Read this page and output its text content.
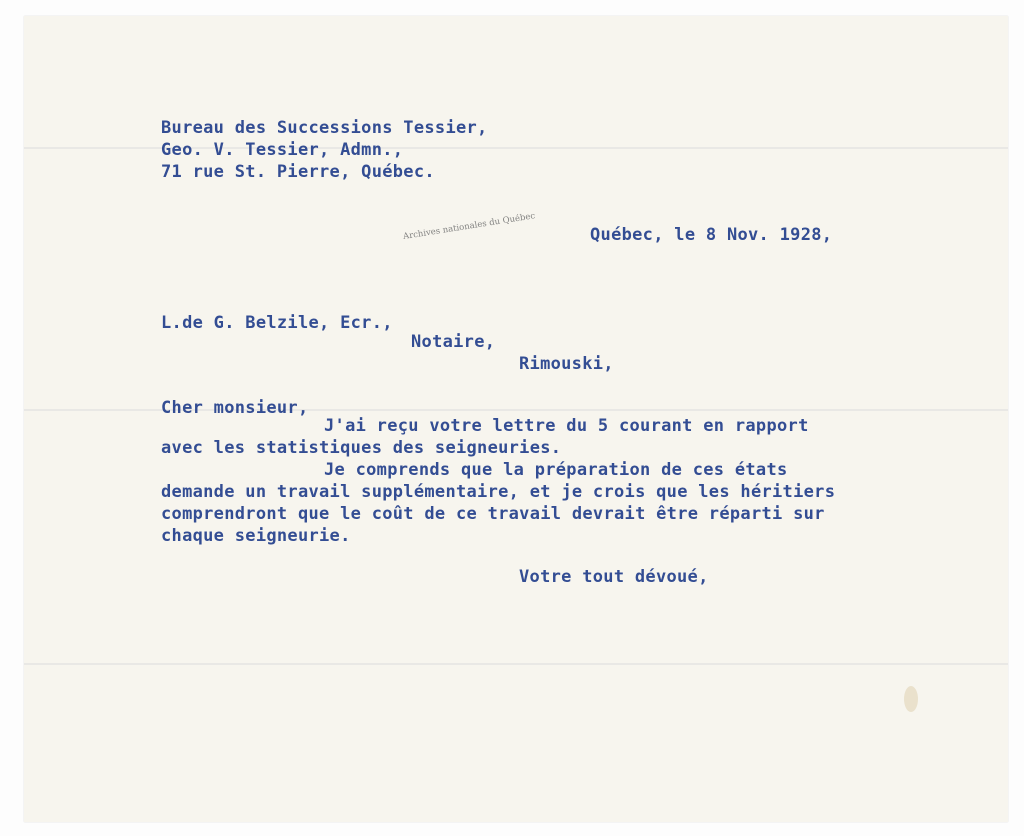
Bureau des Successions Tessier,
Geo. V. Tessier, Admn.,
71 rue St. Pierre, Québec.
Archives nationales du Québec	Québec, le 8 Nov. 1928,
L.de G. Belzile, Ecr.,
Notaire,
Rimouski,
Cher monsieur,
J'ai reçu votre lettre du 5 courant en rapport
avec les statistiques des seigneuries.
Je comprends que la préparation de ces états
demande un travail supplémentaire, et je crois que les héritiers
comprendront que le coût de ce travail devrait être réparti sur
chaque seigneurie.
Votre tout dévoué,
